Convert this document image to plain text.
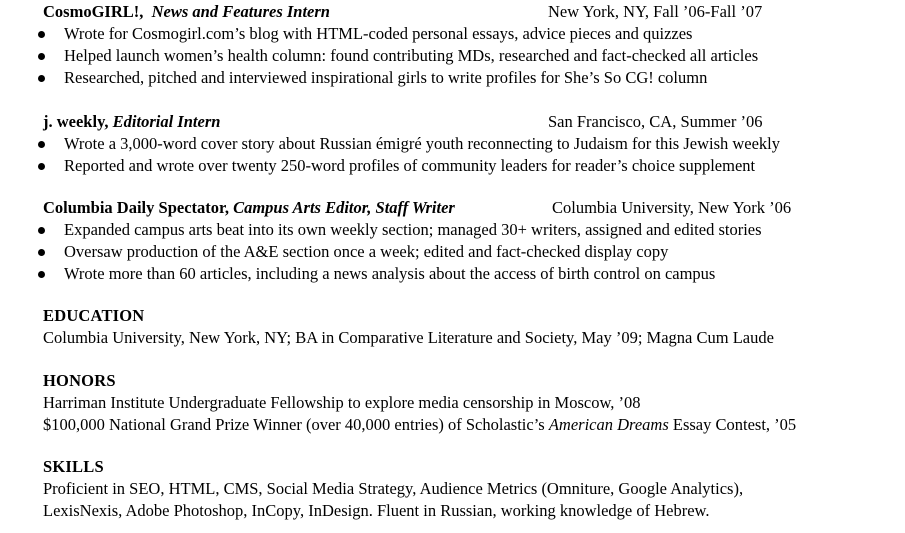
CosmoGIRL!, News and Features Intern	New York, NY, Fall ’06-Fall ’07
Wrote for Cosmogirl.com’s blog with HTML-coded personal essays, advice pieces and quizzes
Helped launch women’s health column: found contributing MDs, researched and fact-checked all articles
Researched, pitched and interviewed inspirational girls to write profiles for She’s So CG! column
j. weekly, Editorial Intern	San Francisco, CA, Summer ’06
Wrote a 3,000-word cover story about Russian émigré youth reconnecting to Judaism for this Jewish weekly
Reported and wrote over twenty 250-word profiles of community leaders for reader’s choice supplement
Columbia Daily Spectator, Campus Arts Editor, Staff Writer	Columbia University, New York ’06
Expanded campus arts beat into its own weekly section; managed 30+ writers, assigned and edited stories
Oversaw production of the A&E section once a week; edited and fact-checked display copy
Wrote more than 60 articles, including a news analysis about the access of birth control on campus
EDUCATION
Columbia University, New York, NY; BA in Comparative Literature and Society, May ’09; Magna Cum Laude
HONORS
Harriman Institute Undergraduate Fellowship to explore media censorship in Moscow, ’08
$100,000 National Grand Prize Winner (over 40,000 entries) of Scholastic’s American Dreams Essay Contest, ’05
SKILLS
Proficient in SEO, HTML, CMS, Social Media Strategy, Audience Metrics (Omniture, Google Analytics),
LexisNexis, Adobe Photoshop, InCopy, InDesign. Fluent in Russian, working knowledge of Hebrew.
